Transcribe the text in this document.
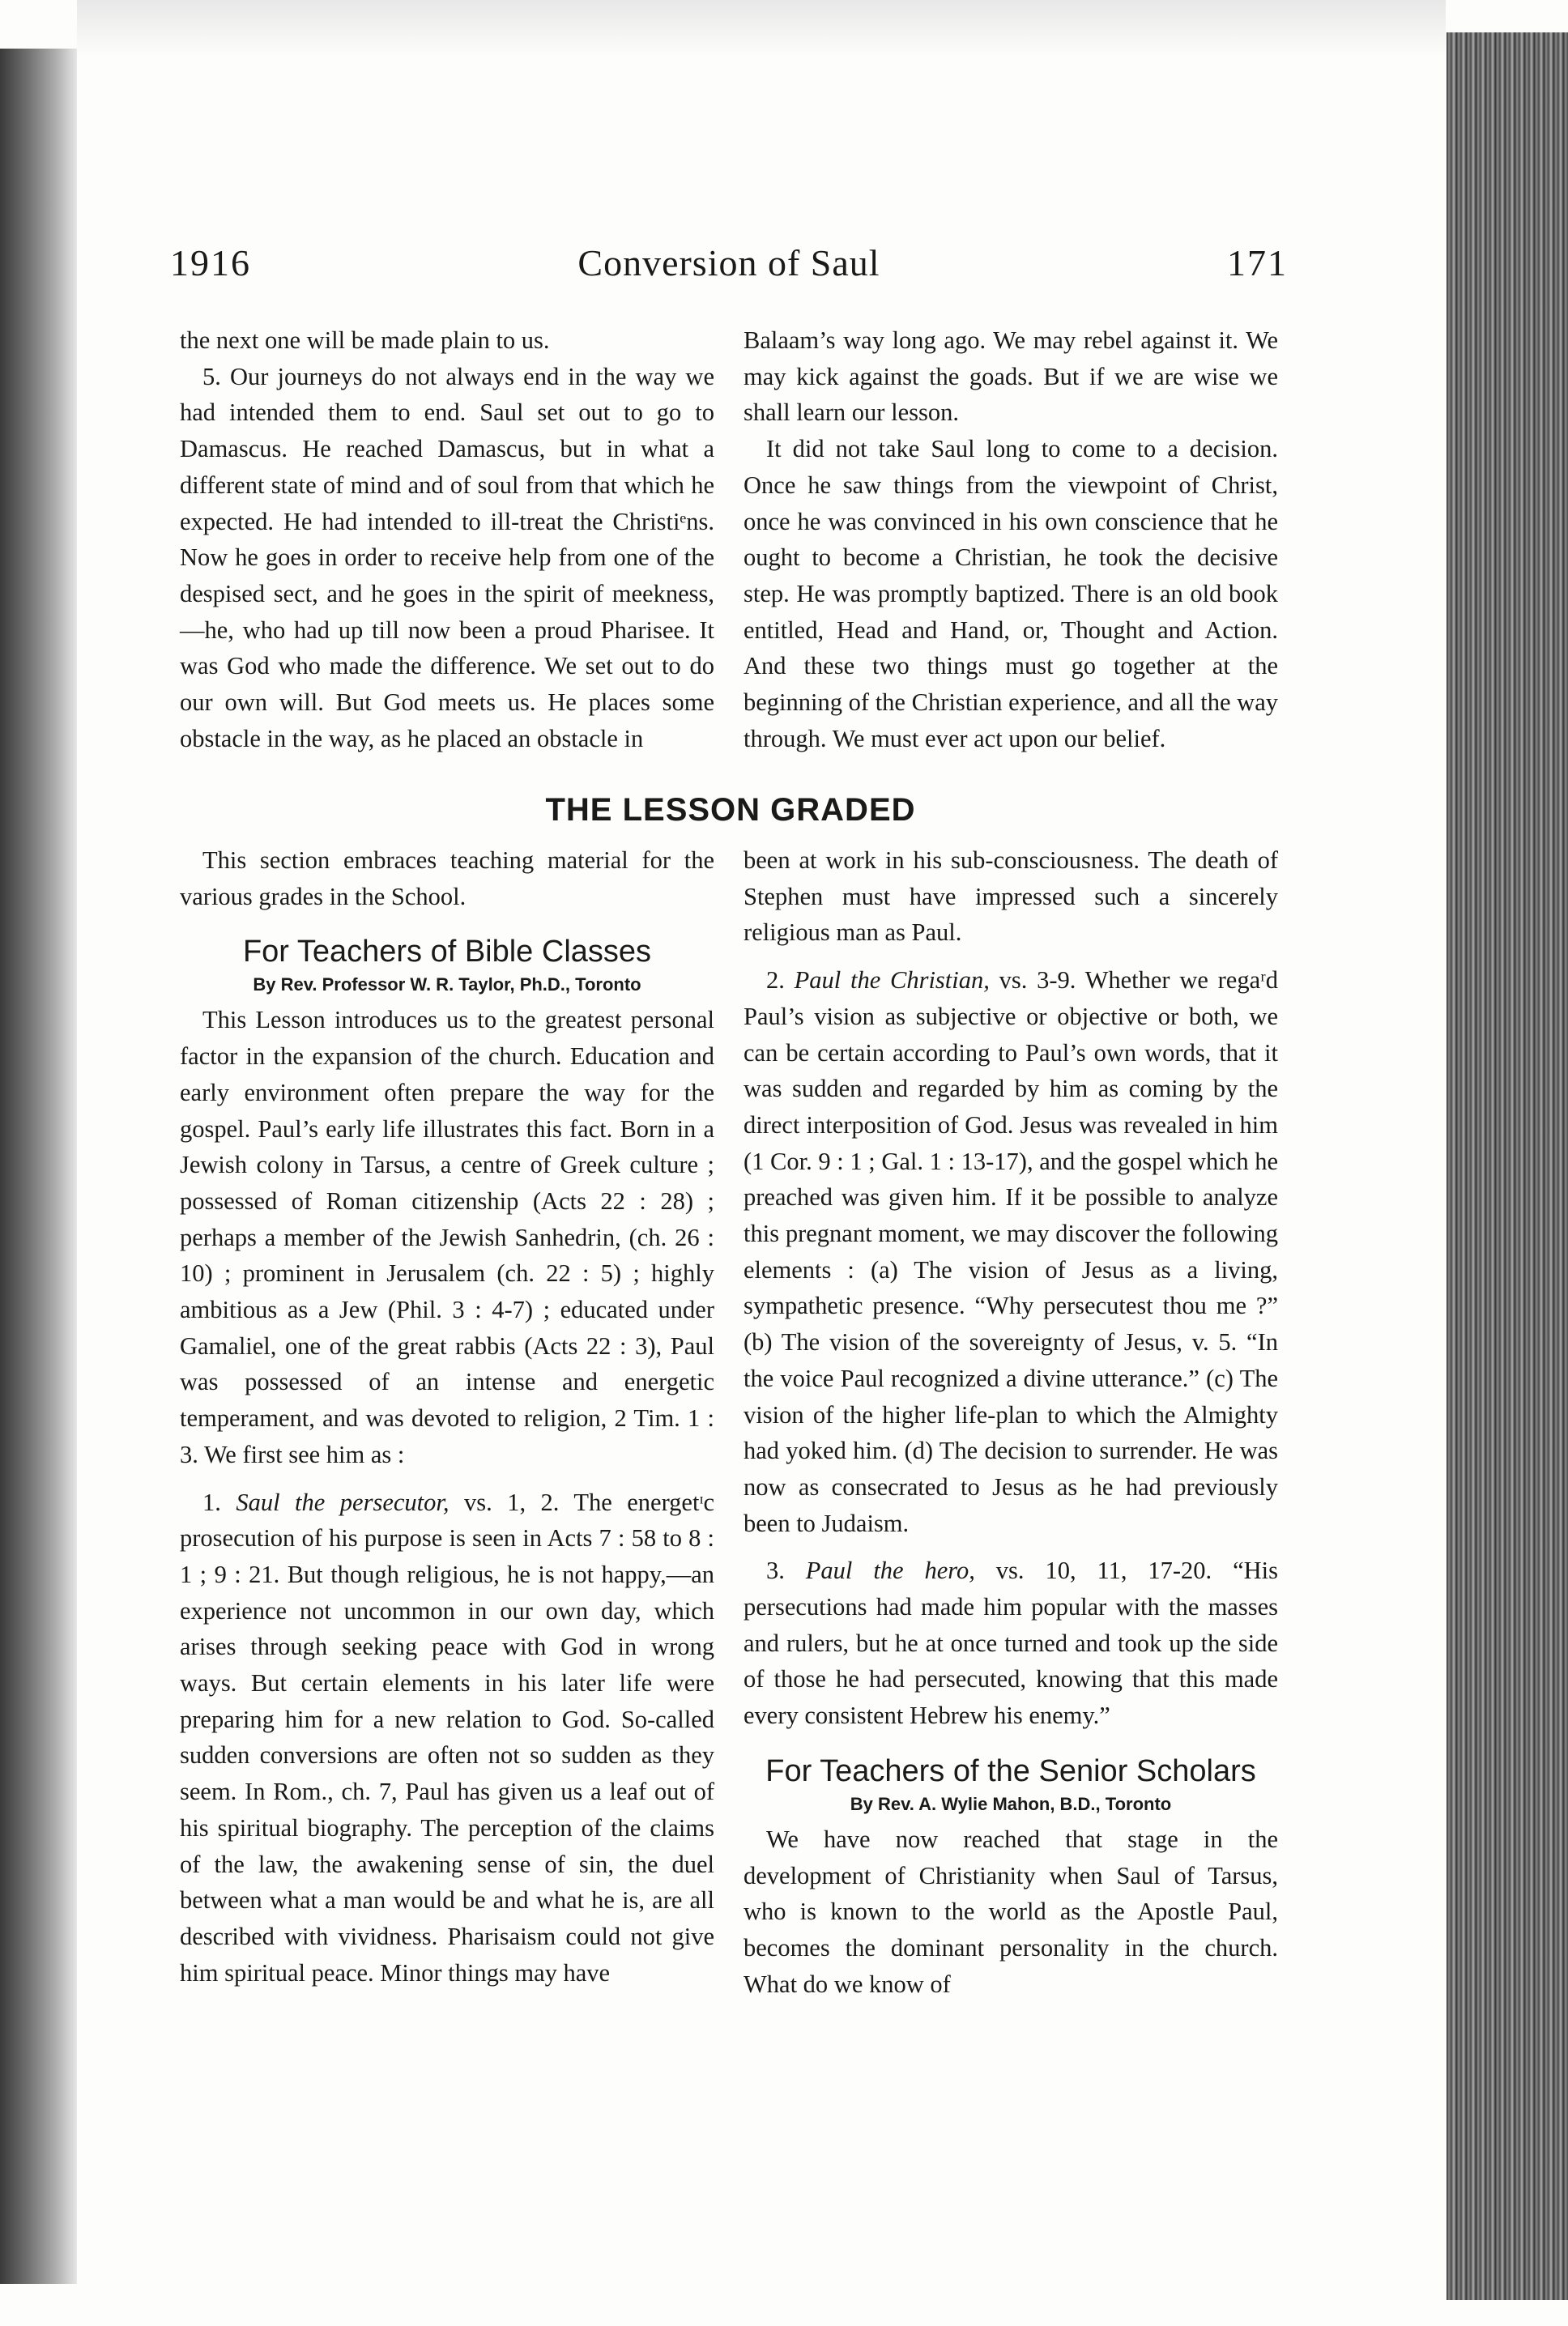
Conversion of Saul
1916	171

the next one will be made plain to us.

5. Our journeys do not always end in the way we had intended them to end. Saul set out to go to Damascus. He reached Damascus, but in what a different state of mind and of soul from that which he expected. He had intended to ill-treat the Christiᵉns. Now he goes in order to receive help from one of the despised sect, and he goes in the spirit of meekness,—he, who had up till now been a proud Pharisee. It was God who made the difference. We set out to do our own will. But God meets us. He places some obstacle in the way, as he placed an obstacle in

Balaam’s way long ago. We may rebel against it. We may kick against the goads. But if we are wise we shall learn our lesson.

It did not take Saul long to come to a decision. Once he saw things from the viewpoint of Christ, once he was convinced in his own conscience that he ought to become a Christian, he took the decisive step. He was promptly baptized. There is an old book entitled, Head and Hand, or, Thought and Action. And these two things must go together at the beginning of the Christian experience, and all the way through. We must ever act upon our belief.

THE LESSON GRADED

This section embraces teaching material for the various grades in the School.

For Teachers of Bible Classes
By Rev. Professor W. R. Taylor, Ph.D., Toronto

This Lesson introduces us to the greatest personal factor in the expansion of the church. Education and early environment often prepare the way for the gospel. Paul’s early life illustrates this fact. Born in a Jewish colony in Tarsus, a centre of Greek culture ; possessed of Roman citizenship (Acts 22 : 28) ; perhaps a member of the Jewish Sanhedrin, (ch. 26 : 10) ; prominent in Jerusalem (ch. 22 : 5) ; highly ambitious as a Jew (Phil. 3 : 4-7) ; educated under Gamaliel, one of the great rabbis (Acts 22 : 3), Paul was possessed of an intense and energetic temperament, and was devoted to religion, 2 Tim. 1 : 3. We first see him as :

1. Saul the persecutor, vs. 1, 2. The energetᶦc prosecution of his purpose is seen in Acts 7 : 58 to 8 : 1 ; 9 : 21. But though religious, he is not happy,—an experience not uncommon in our own day, which arises through seeking peace with God in wrong ways. But certain elements in his later life were preparing him for a new relation to God. So-called sudden conversions are often not so sudden as they seem. In Rom., ch. 7, Paul has given us a leaf out of his spiritual biography. The perception of the claims of the law, the awakening sense of sin, the duel between what a man would be and what he is, are all described with vividness. Pharisaism could not give him spiritual peace. Minor things may have

been at work in his sub-consciousness. The death of Stephen must have impressed such a sincerely religious man as Paul.

2. Paul the Christian, vs. 3-9. Whether we regaʳd Paul’s vision as subjective or objective or both, we can be certain according to Paul’s own words, that it was sudden and regarded by him as coming by the direct interposition of God. Jesus was revealed in him (1 Cor. 9 : 1 ; Gal. 1 : 13-17), and the gospel which he preached was given him. If it be possible to analyze this pregnant moment, we may discover the following elements : (a) The vision of Jesus as a living, sympathetic presence. “Why persecutest thou me ?” (b) The vision of the sovereignty of Jesus, v. 5. “In the voice Paul recognized a divine utterance.” (c) The vision of the higher life-plan to which the Almighty had yoked him. (d) The decision to surrender. He was now as consecrated to Jesus as he had previously been to Judaism.

3. Paul the hero, vs. 10, 11, 17-20. “His persecutions had made him popular with the masses and rulers, but he at once turned and took up the side of those he had persecuted, knowing that this made every consistent Hebrew his enemy.”

For Teachers of the Senior Scholars
By Rev. A. Wylie Mahon, B.D., Toronto

We have now reached that stage in the development of Christianity when Saul of Tarsus, who is known to the world as the Apostle Paul, becomes the dominant personality in the church. What do we know of
